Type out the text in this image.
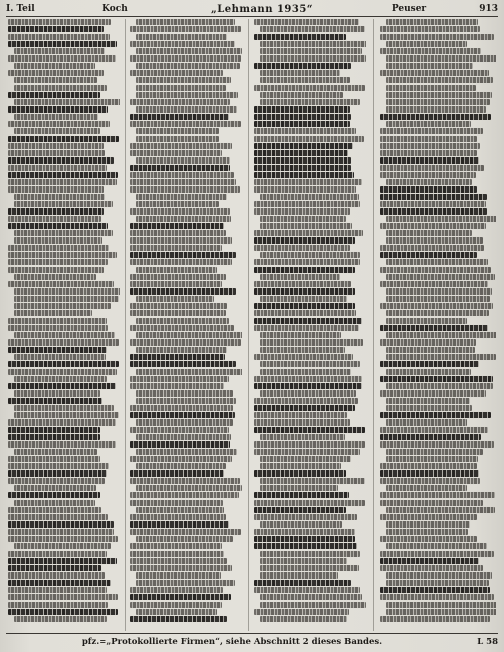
I. Teil	Koch	„Lehmann 1935“	Peuser	913
pfz.=„Protokollierte Firmen“, siehe Abschnitt 2 dieses Bandes.	L 58
